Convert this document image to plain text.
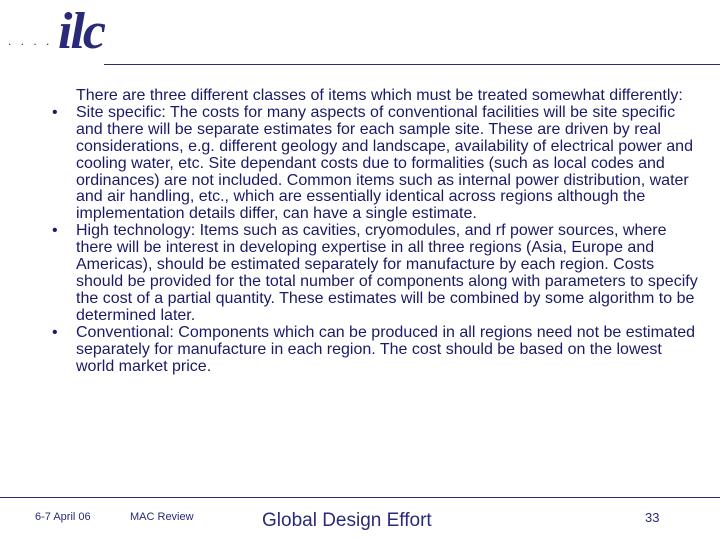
. . . . ilc
There are three different classes of items which must be treated somewhat differently:
•	Site specific: The costs for many aspects of conventional facilities will be site specific and there will be separate estimates for each sample site. These are driven by real considerations, e.g. different geology and landscape, availability of electrical power and cooling water, etc. Site dependant costs due to formalities (such as local codes and ordinances) are not included. Common items such as internal power distribution, water and air handling, etc., which are essentially identical across regions although the implementation details differ, can have a single estimate.
•	High technology: Items such as cavities, cryomodules, and rf power sources, where there will be interest in developing expertise in all three regions (Asia, Europe and Americas), should be estimated separately for manufacture by each region. Costs should be provided for the total number of components along with parameters to specify the cost of a partial quantity. These estimates will be combined by some algorithm to be determined later.
•	Conventional: Components which can be produced in all regions need not be estimated separately for manufacture in each region. The cost should be based on the lowest world market price.
6-7 April 06	MAC Review	Global Design Effort	33
